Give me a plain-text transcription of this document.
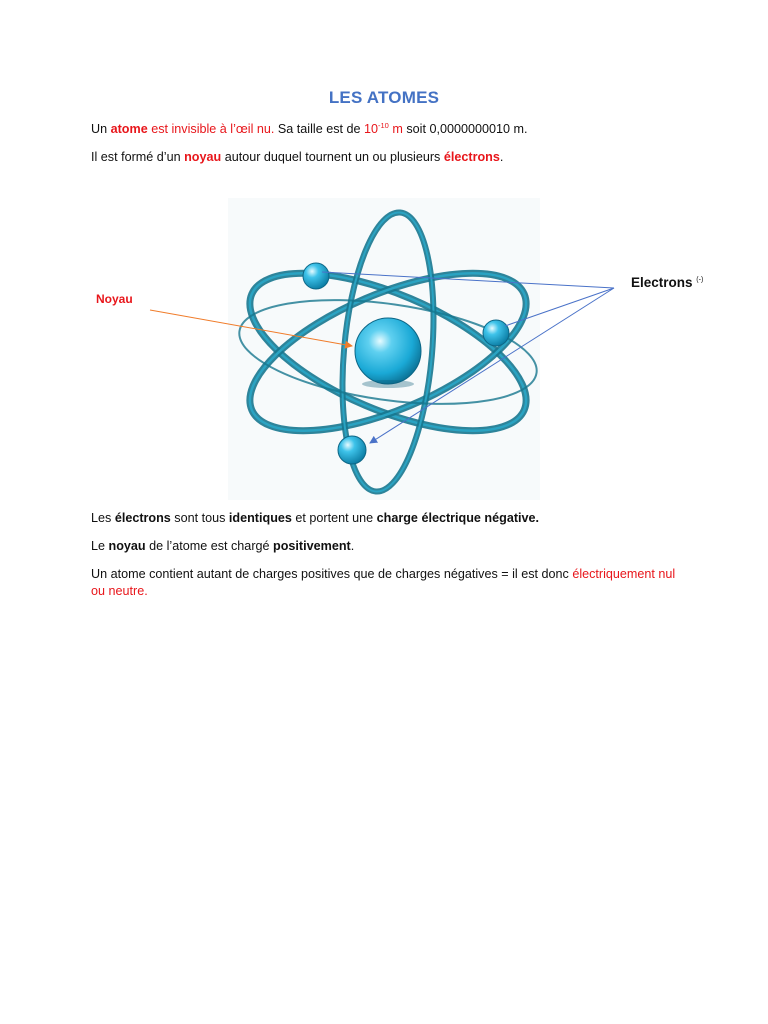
LES ATOMES
Un atome est invisible à l’œil nu. Sa taille est de $10^{-10}$ m soit 0,0000000010 m.
Il est formé d’un noyau autour duquel tournent un ou plusieurs électrons.
Noyau
Electrons (-)
Les électrons sont tous identiques et portent une charge électrique négative.
Le noyau de l’atome est chargé positivement.
Un atome contient autant de charges positives que de charges négatives = il est donc électriquement nul ou neutre.
